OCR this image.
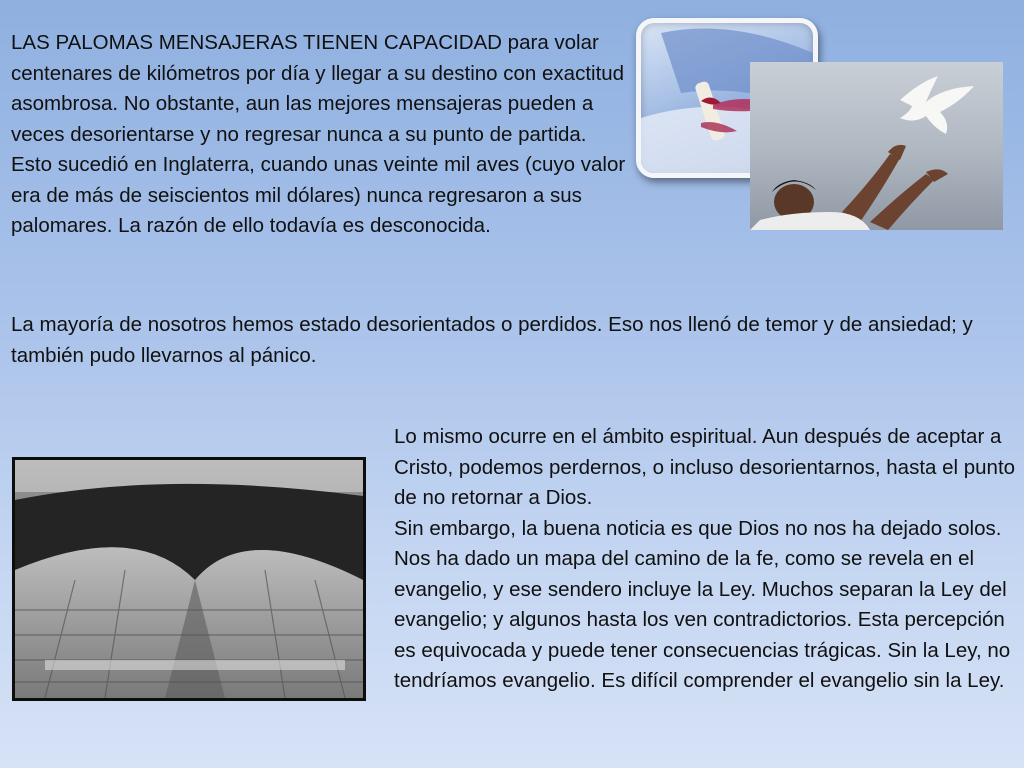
LAS PALOMAS MENSAJERAS TIENEN CAPACIDAD para volar centenares de kilómetros por día y llegar a su destino con exactitud asombrosa. No obstante, aun las mejores mensajeras pueden a veces desorientarse y no regresar nunca a su punto de partida. Esto sucedió en Inglaterra, cuando unas veinte mil aves (cuyo valor era de más de seiscientos mil dólares) nunca regresaron a sus palomares. La razón de ello todavía es desconocida.

La mayoría de nosotros hemos estado desorientados o perdidos. Eso nos llenó de temor y de ansiedad; y también pudo llevarnos al pánico.

Lo mismo ocurre en el ámbito espiritual. Aun después de aceptar a Cristo, podemos perdernos, o incluso desorientarnos, hasta el punto de no retornar a Dios.
Sin embargo, la buena noticia es que Dios no nos ha dejado solos. Nos ha dado un mapa del camino de la fe, como se revela en el evangelio, y ese sendero incluye la Ley. Muchos separan la Ley del evangelio; y algunos hasta los ven contradictorios. Esta percepción es equivocada y puede tener consecuencias trágicas. Sin la Ley, no tendríamos evangelio. Es difícil comprender el evangelio sin la Ley.
